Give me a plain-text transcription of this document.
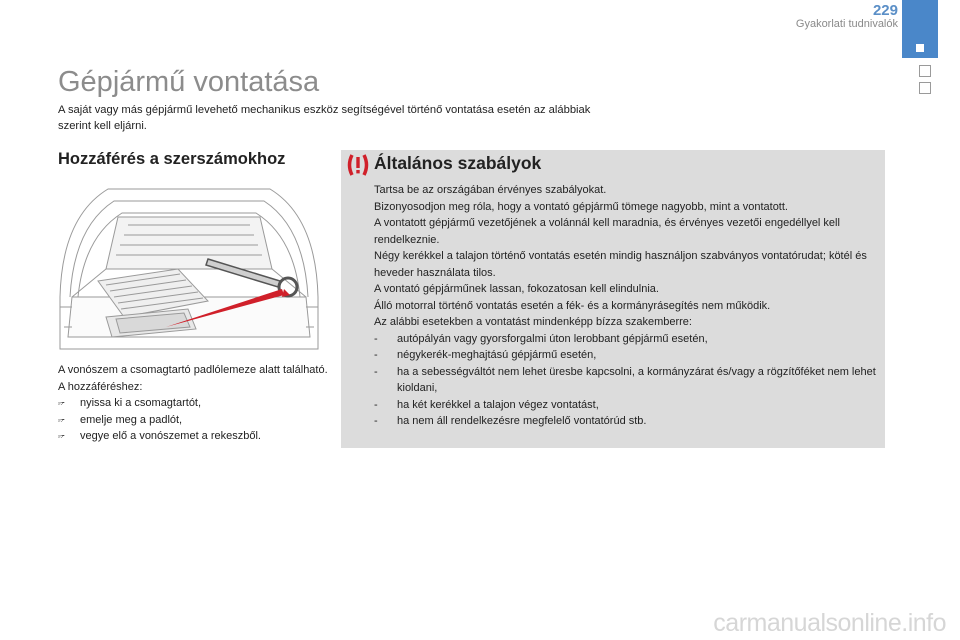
229
Gyakorlati tudnivalók
Gépjármű vontatása
A saját vagy más gépjármű levehető mechanikus eszköz segítségével történő vontatása esetén az alábbiak szerint kell eljárni.
Hozzáférés a szerszámokhoz
A vonószem a csomagtartó padlólemeze alatt található.
A hozzáféréshez:
🖙	nyissa ki a csomagtartót,
🖙	emelje meg a padlót,
🖙	vegye elő a vonószemet a rekeszből.
Általános szabályok
Tartsa be az országában érvényes szabályokat.
Bizonyosodjon meg róla, hogy a vontató gépjármű tömege nagyobb, mint a vontatott.
A vontatott gépjármű vezetőjének a volánnál kell maradnia, és érvényes vezetői engedéllyel kell rendelkeznie.
Négy kerékkel a talajon történő vontatás esetén mindig használjon szabványos vontatórudat; kötél és heveder használata tilos.
A vontató gépjárműnek lassan, fokozatosan kell elindulnia.
Álló motorral történő vontatás esetén a fék- és a kormányrásegítés nem működik.
Az alábbi esetekben a vontatást mindenképp bízza szakemberre:
-	autópályán vagy gyorsforgalmi úton lerobbant gépjármű esetén,
-	négykerék-meghajtású gépjármű esetén,
-	ha a sebességváltót nem lehet üresbe kapcsolni, a kormányzárat és/vagy a rögzítőféket nem lehet kioldani,
-	ha két kerékkel a talajon végez vontatást,
-	ha nem áll rendelkezésre megfelelő vontatórúd stb.
carmanualsonline.info
